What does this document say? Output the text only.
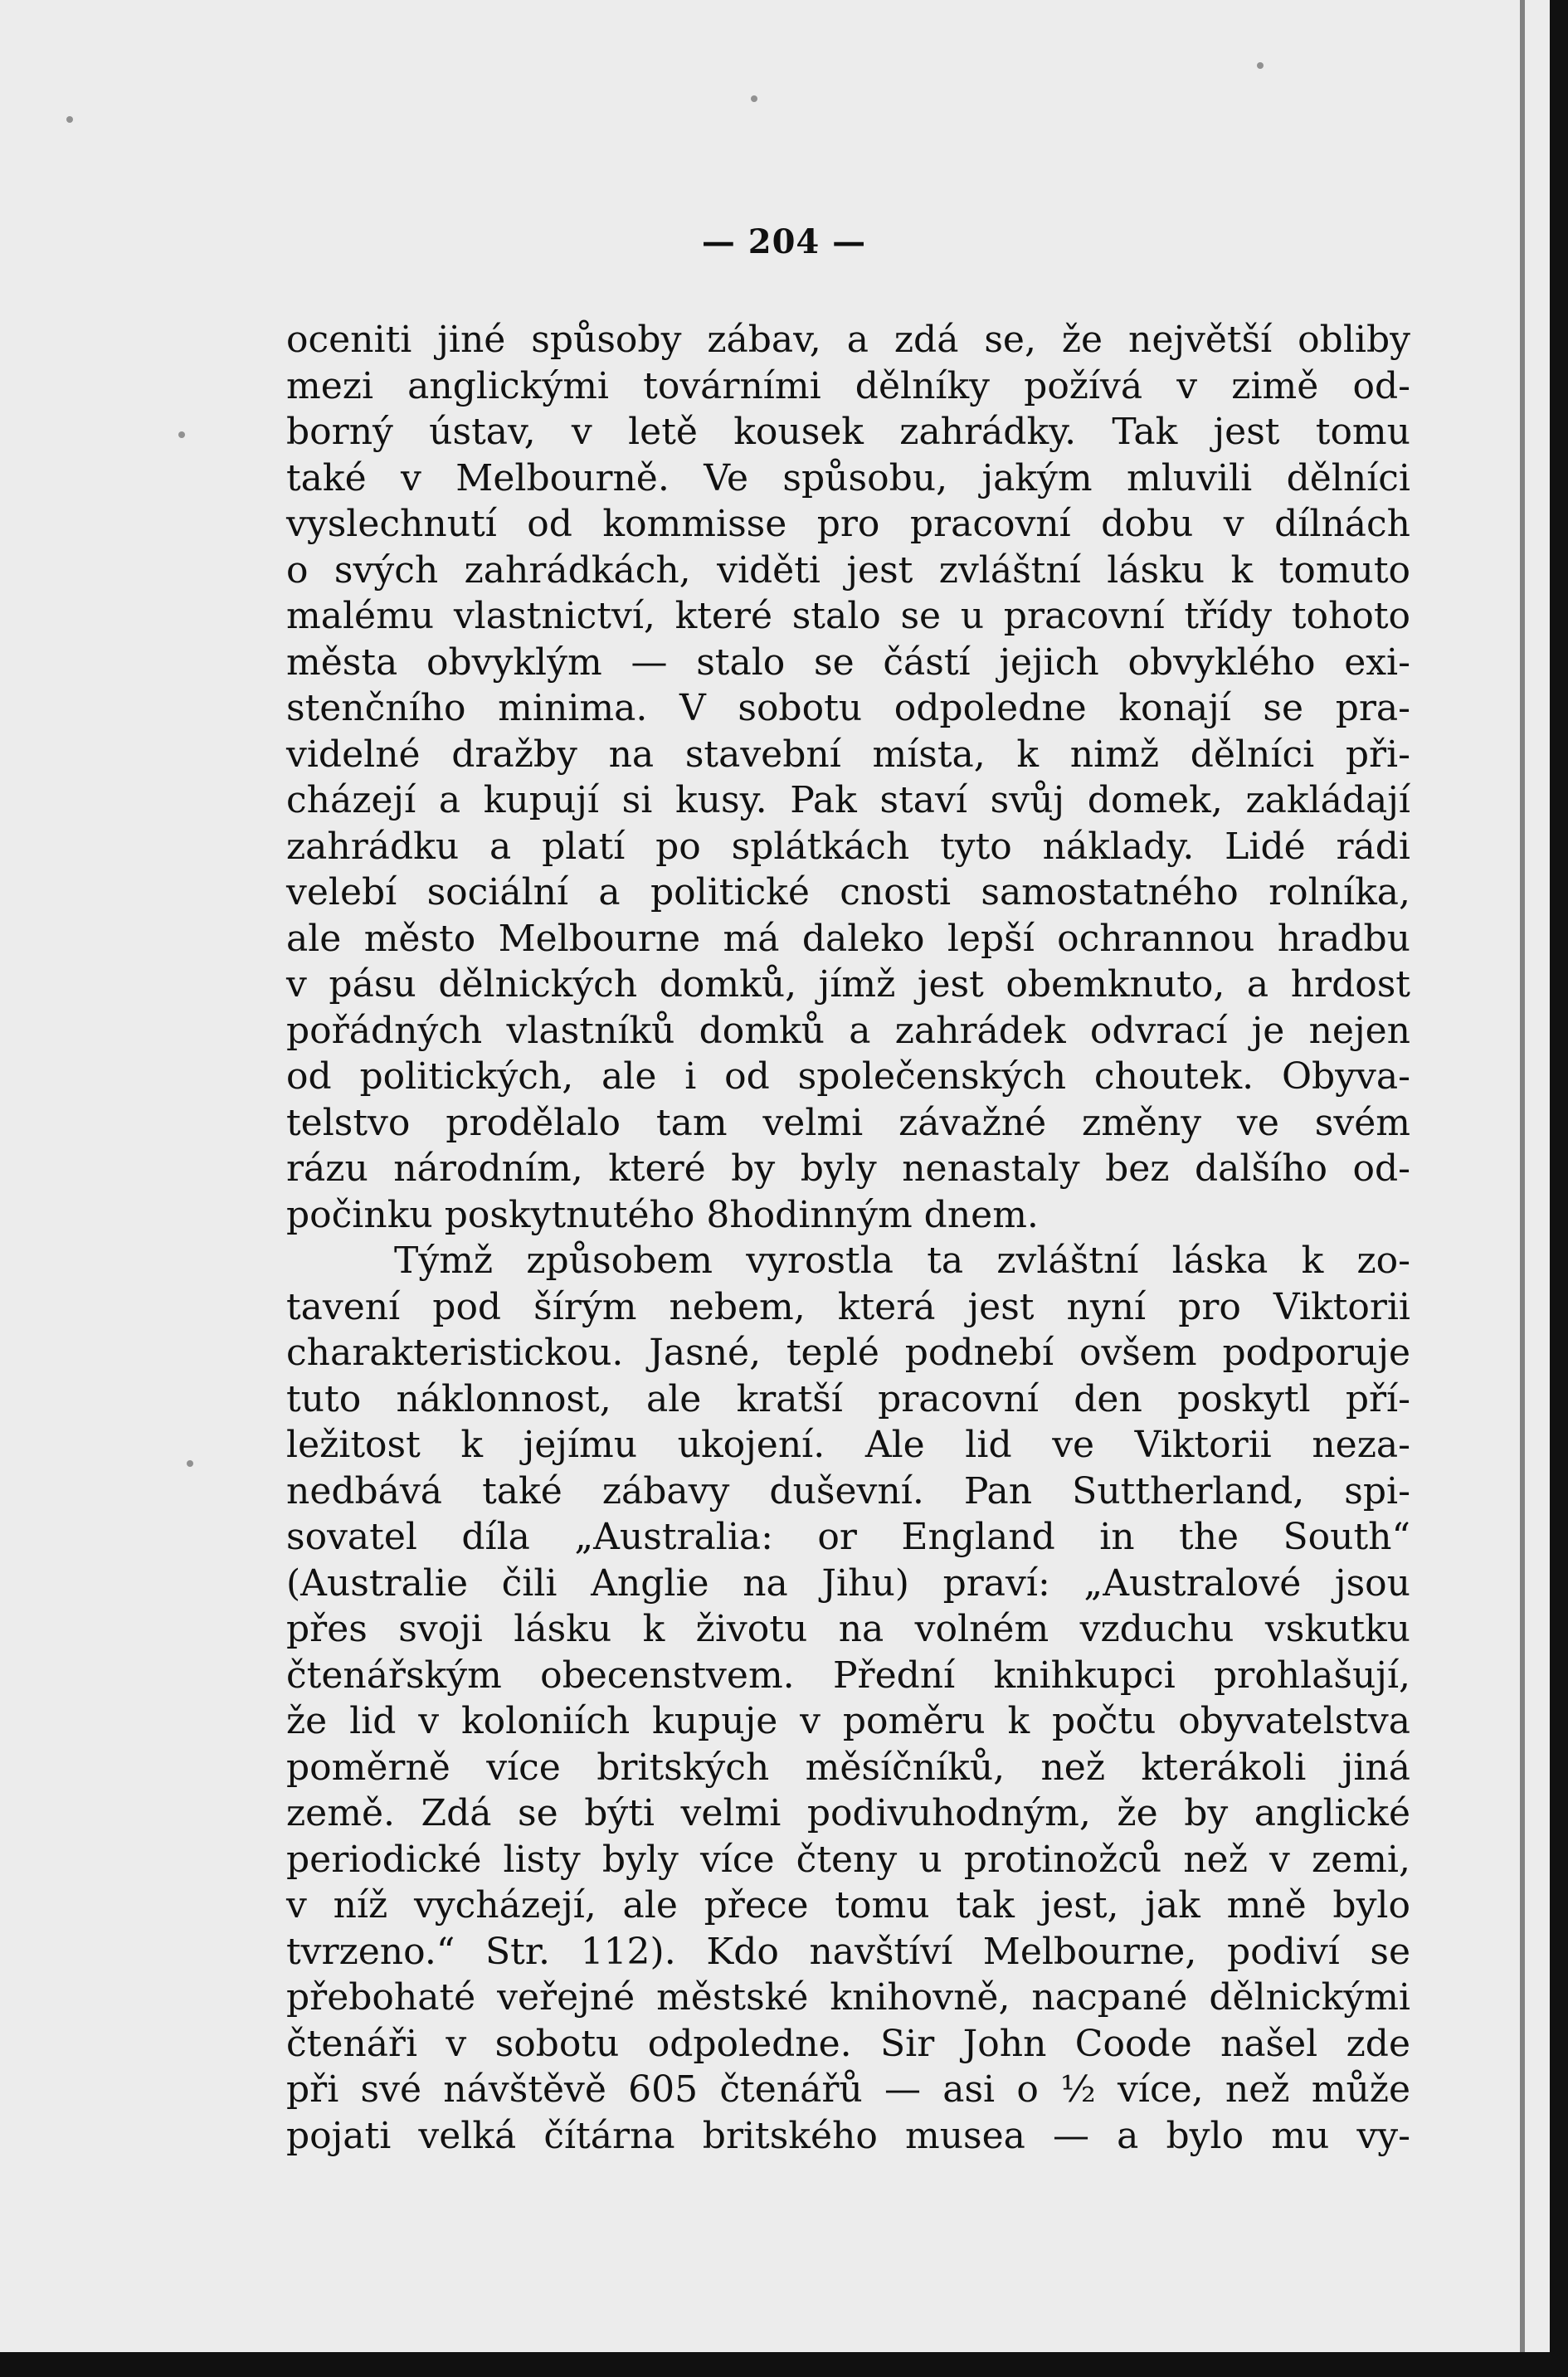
— 204 —
oceniti jiné spůsoby zábav, a zdá se, že největší obliby
mezi anglickými továrními dělníky požívá v zimě od-
borný ústav, v letě kousek zahrádky. Tak jest tomu
také v Melbourně. Ve spůsobu, jakým mluvili dělníci
vyslechnutí od kommisse pro pracovní dobu v dílnách
o svých zahrádkách, viděti jest zvláštní lásku k tomuto
malému vlastnictví, které stalo se u pracovní třídy tohoto
města obvyklým — stalo se částí jejich obvyklého exi-
stenčního minima. V sobotu odpoledne konají se pra-
videlné dražby na stavební místa, k nimž dělníci při-
cházejí a kupují si kusy. Pak staví svůj domek, zakládají
zahrádku a platí po splátkách tyto náklady. Lidé rádi
velebí sociální a politické cnosti samostatného rolníka,
ale město Melbourne má daleko lepší ochrannou hradbu
v pásu dělnických domků, jímž jest obemknuto, a hrdost
pořádných vlastníků domků a zahrádek odvrací je nejen
od politických, ale i od společenských choutek. Obyva-
telstvo prodělalo tam velmi závažné změny ve svém
rázu národním, které by byly nenastaly bez dalšího od-
počinku poskytnutého 8hodinným dnem.
Týmž způsobem vyrostla ta zvláštní láska k zo-
tavení pod šírým nebem, která jest nyní pro Viktorii
charakteristickou. Jasné, teplé podnebí ovšem podporuje
tuto náklonnost, ale kratší pracovní den poskytl pří-
ležitost k jejímu ukojení. Ale lid ve Viktorii neza-
nedbává také zábavy duševní. Pan Suttherland, spi-
sovatel díla „Australia: or England in the South“
(Australie čili Anglie na Jihu) praví: „Australové jsou
přes svoji lásku k životu na volném vzduchu vskutku
čtenářským obecenstvem. Přední knihkupci prohlašují,
že lid v koloniích kupuje v poměru k počtu obyvatelstva
poměrně více britských měsíčníků, než kterákoli jiná
země. Zdá se býti velmi podivuhodným, že by anglické
periodické listy byly více čteny u protinožců než v zemi,
v níž vycházejí, ale přece tomu tak jest, jak mně bylo
tvrzeno.“ Str. 112). Kdo navštíví Melbourne, podiví se
přebohaté veřejné městské knihovně, nacpané dělnickými
čtenáři v sobotu odpoledne. Sir John Coode našel zde
při své návštěvě 605 čtenářů — asi o ½ více, než může
pojati velká čítárna britského musea — a bylo mu vy-
